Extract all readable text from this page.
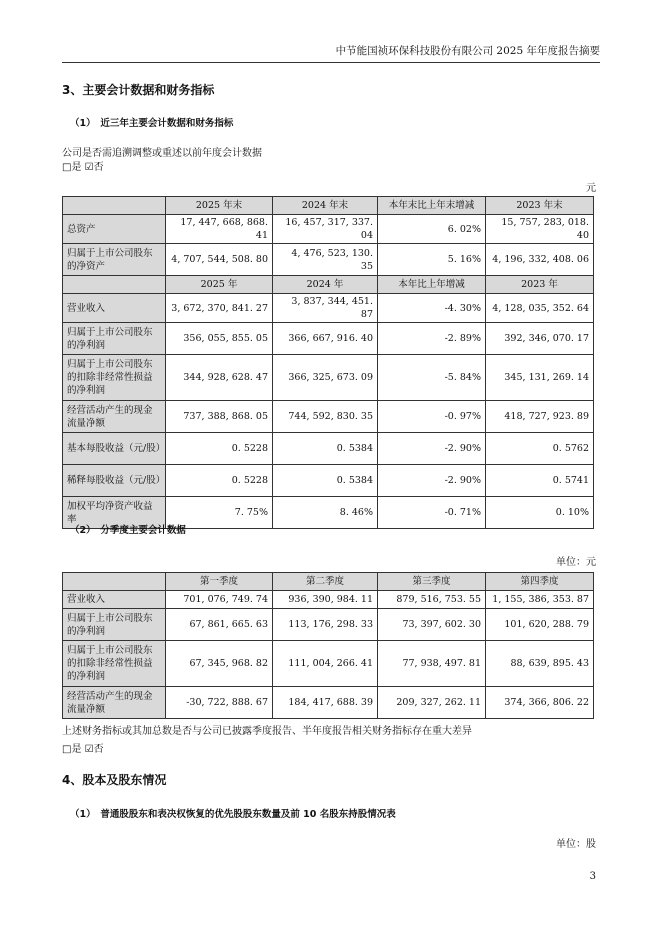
中节能国祯环保科技股份有限公司 2025 年年度报告摘要
3、主要会计数据和财务指标
（1）　近三年主要会计数据和财务指标
公司是否需追溯调整或重述以前年度会计数据
□是 ☑否
元
	2025 年末	2024 年末	本年末比上年末增减	2023 年末
总资产	17, 447, 668, 868. 41	16, 457, 317, 337. 04	6. 02%	15, 757, 283, 018. 40
归属于上市公司股东的净资产	4, 707, 544, 508. 80	4, 476, 523, 130. 35	5. 16%	4, 196, 332, 408. 06
	2025 年	2024 年	本年比上年增减	2023 年
营业收入	3, 672, 370, 841. 27	3, 837, 344, 451. 87	-4. 30%	4, 128, 035, 352. 64
归属于上市公司股东的净利润	356, 055, 855. 05	366, 667, 916. 40	-2. 89%	392, 346, 070. 17
归属于上市公司股东的扣除非经常性损益的净利润	344, 928, 628. 47	366, 325, 673. 09	-5. 84%	345, 131, 269. 14
经营活动产生的现金流量净额	737, 388, 868. 05	744, 592, 830. 35	-0. 97%	418, 727, 923. 89
基本每股收益（元/股）	0. 5228	0. 5384	-2. 90%	0. 5762
稀释每股收益（元/股）	0. 5228	0. 5384	-2. 90%	0. 5741
加权平均净资产收益率	7. 75%	8. 46%	-0. 71%	0. 10%
（2）　分季度主要会计数据
单位：元
	第一季度	第二季度	第三季度	第四季度
营业收入	701, 076, 749. 74	936, 390, 984. 11	879, 516, 753. 55	1, 155, 386, 353. 87
归属于上市公司股东的净利润	67, 861, 665. 63	113, 176, 298. 33	73, 397, 602. 30	101, 620, 288. 79
归属于上市公司股东的扣除非经常性损益的净利润	67, 345, 968. 82	111, 004, 266. 41	77, 938, 497. 81	88, 639, 895. 43
经营活动产生的现金流量净额	-30, 722, 888. 67	184, 417, 688. 39	209, 327, 262. 11	374, 366, 806. 22
上述财务指标或其加总数是否与公司已披露季度报告、半年度报告相关财务指标存在重大差异
□是 ☑否
4、股本及股东情况
（1）　普通股股东和表决权恢复的优先股股东数量及前 10 名股东持股情况表
单位：股
3
